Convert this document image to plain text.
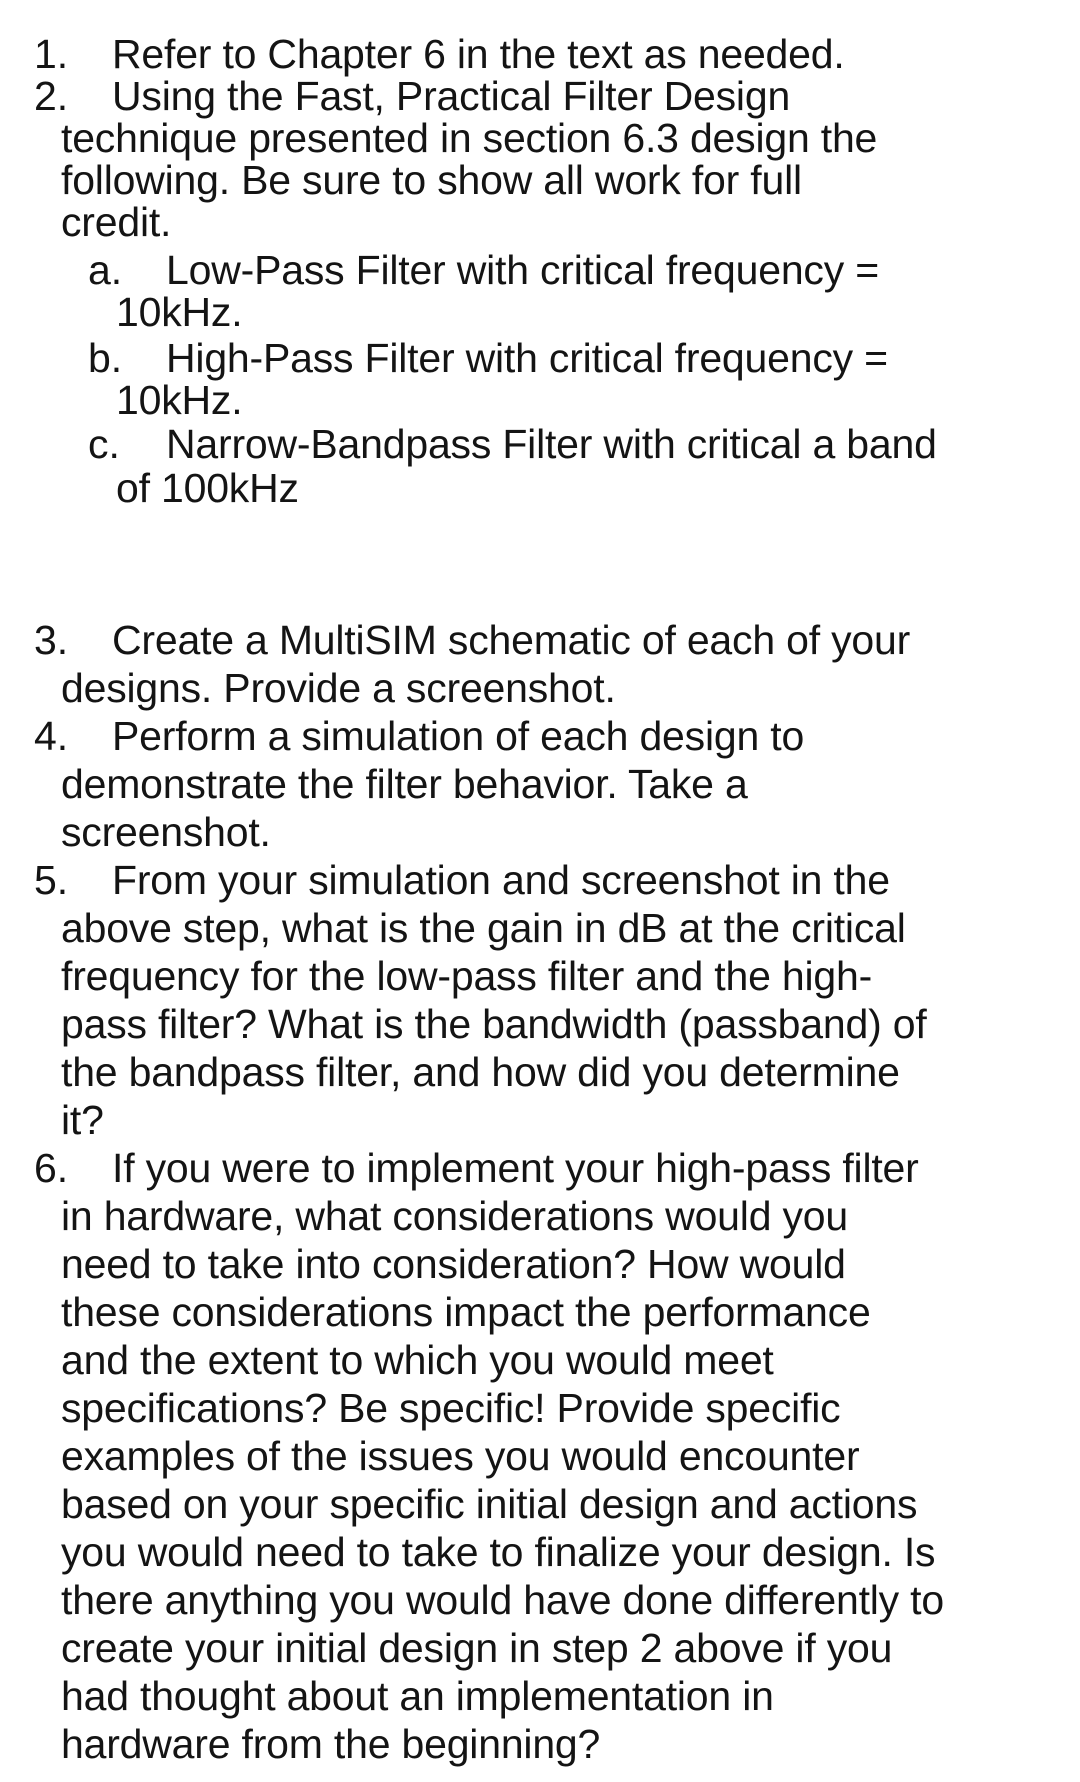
1. Refer to Chapter 6 in the text as needed.
2. Using the Fast, Practical Filter Design
technique presented in section 6.3 design the
following. Be sure to show all work for full
credit.
a. Low-Pass Filter with critical frequency =
10kHz.
b. High-Pass Filter with critical frequency =
10kHz.
c. Narrow-Bandpass Filter with critical a band
of 100kHz
3. Create a MultiSIM schematic of each of your
designs. Provide a screenshot.
4. Perform a simulation of each design to
demonstrate the filter behavior. Take a
screenshot.
5. From your simulation and screenshot in the
above step, what is the gain in dB at the critical
frequency for the low-pass filter and the high-
pass filter? What is the bandwidth (passband) of
the bandpass filter, and how did you determine
it?
6. If you were to implement your high-pass filter
in hardware, what considerations would you
need to take into consideration? How would
these considerations impact the performance
and the extent to which you would meet
specifications? Be specific! Provide specific
examples of the issues you would encounter
based on your specific initial design and actions
you would need to take to finalize your design. Is
there anything you would have done differently to
create your initial design in step 2 above if you
had thought about an implementation in
hardware from the beginning?
